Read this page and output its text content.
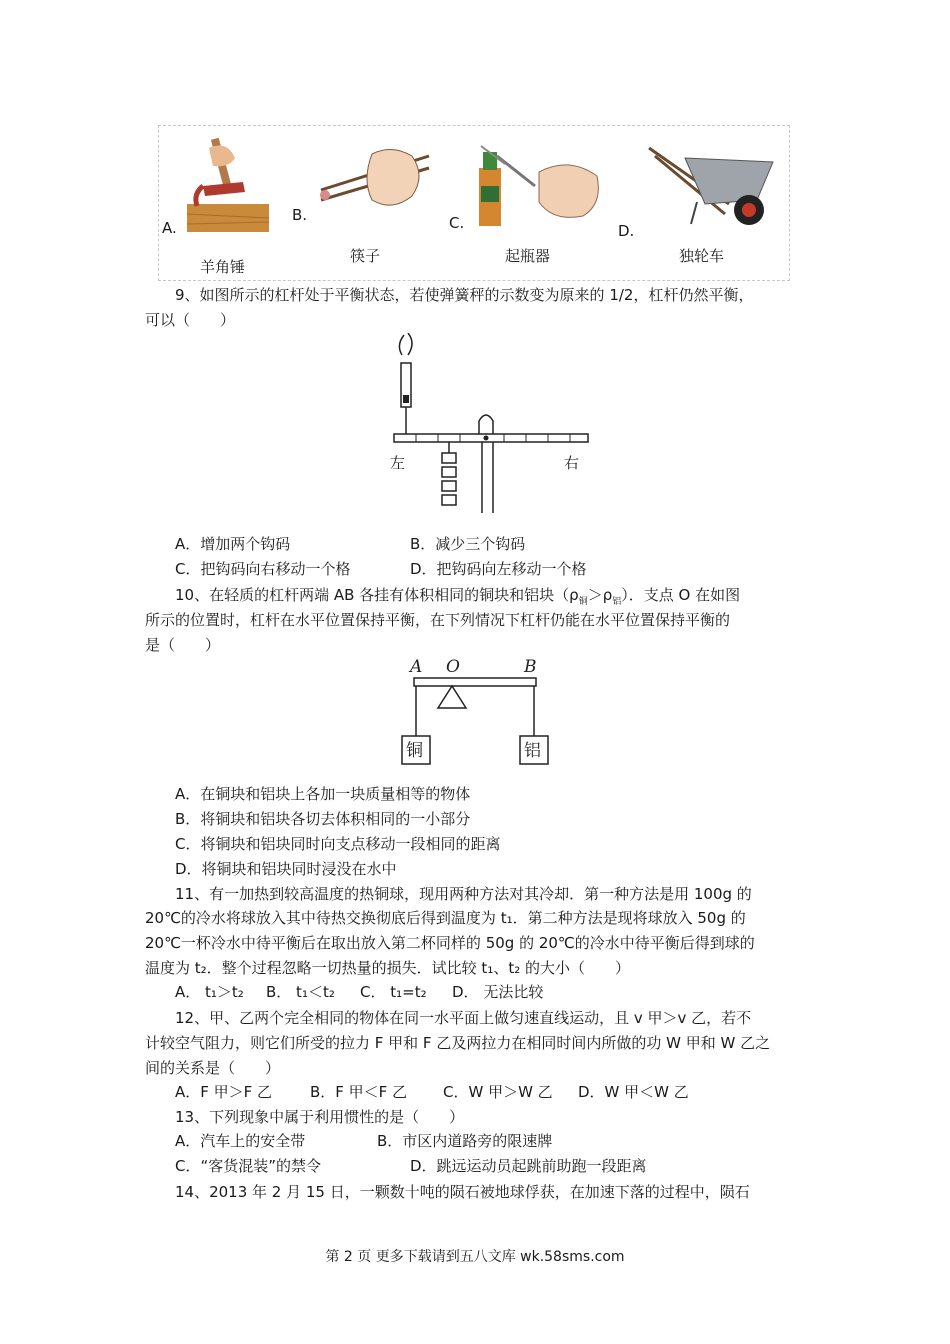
A.
羊角锤
B.
筷子
C.
起瓶器
D.
独轮车
9、如图所示的杠杆处于平衡状态，若使弹簧秤的示数变为原来的 1/2，杠杆仍然平衡，
可以（　　）
左	右
A．增加两个钩码	B．减少三个钩码
C．把钩码向右移动一个格	D．把钩码向左移动一个格
10、在轻质的杠杆两端 AB 各挂有体积相同的铜块和铝块$(\rho_铜>\rho_铝)$．支点 O 在如图
所示的位置时，杠杆在水平位置保持平衡，在下列情况下杠杆仍能在水平位置保持平衡的
是（　　）
A O	B
铜	铝
A．在铜块和铝块上各加一块质量相等的物体
B．将铜块和铝块各切去体积相同的一小部分
C．将铜块和铝块同时向支点移动一段相同的距离
D．将铜块和铝块同时浸没在水中
11、有一加热到较高温度的热铜球，现用两种方法对其冷却．第一种方法是用 100g 的
20℃的冷水将球放入其中待热交换彻底后得到温度为 t₁．第二种方法是现将球放入 50g 的
20℃一杯冷水中待平衡后在取出放入第二杯同样的 50g 的 20℃的冷水中待平衡后得到球的
温度为 t₂．整个过程忽略一切热量的损失．试比较 t₁、t₂ 的大小（　　）
A． t₁＞t₂ B． t₁＜t₂ C． t₁=t₂ D． 无法比较
12、甲、乙两个完全相同的物体在同一水平面上做匀速直线运动，且 v 甲＞v 乙，若不
计较空气阻力，则它们所受的拉力 F 甲和 F 乙及两拉力在相同时间内所做的功 W 甲和 W 乙之
间的关系是（　　）
A．F 甲＞F 乙	B．F 甲＜F 乙 C．W 甲＞W 乙 D．W 甲＜W 乙
13、下列现象中属于利用惯性的是（　　）
A．汽车上的安全带	B．市区内道路旁的限速牌
C．“客货混装”的禁令	D．跳远运动员起跳前助跑一段距离
14、2013 年 2 月 15 日，一颗数十吨的陨石被地球俘获，在加速下落的过程中，陨石
第 2 页 更多下载请到五八文库 wk.58sms.com
